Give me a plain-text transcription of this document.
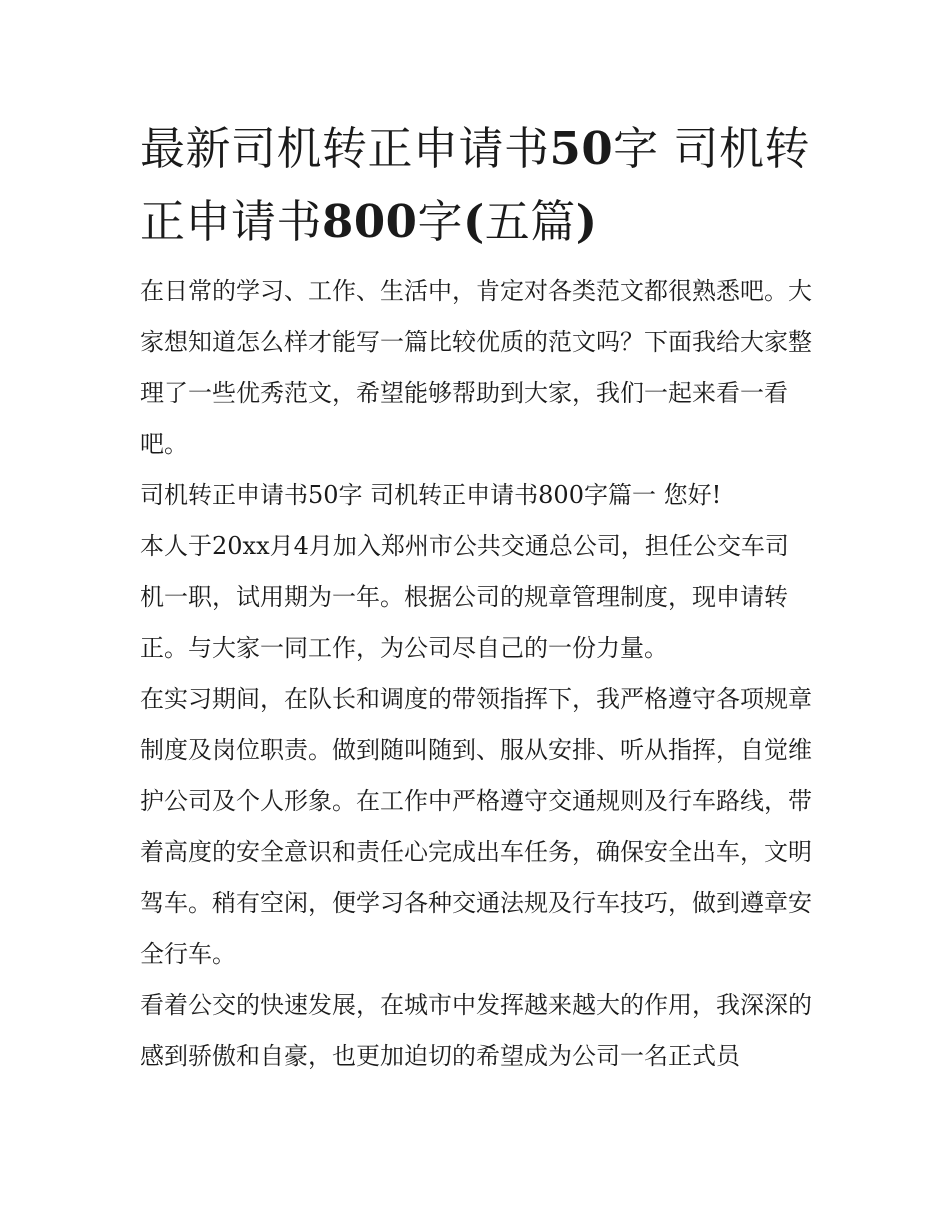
最新司机转正申请书50字 司机转正申请书800字(五篇)

在日常的学习、工作、生活中，肯定对各类范文都很熟悉吧。大家想知道怎么样才能写一篇比较优质的范文吗？下面我给大家整理了一些优秀范文，希望能够帮助到大家，我们一起来看一看吧。

司机转正申请书50字 司机转正申请书800字篇一 您好!

本人于20xx月4月加入郑州市公共交通总公司，担任公交车司机一职，试用期为一年。根据公司的规章管理制度，现申请转正。与大家一同工作，为公司尽自己的一份力量。

在实习期间，在队长和调度的带领指挥下，我严格遵守各项规章制度及岗位职责。做到随叫随到、服从安排、听从指挥，自觉维护公司及个人形象。在工作中严格遵守交通规则及行车路线，带着高度的安全意识和责任心完成出车任务，确保安全出车，文明驾车。稍有空闲，便学习各种交通法规及行车技巧，做到遵章安全行车。

看着公交的快速发展，在城市中发挥越来越大的作用，我深深的感到骄傲和自豪，也更加迫切的希望成为公司一名正式员
